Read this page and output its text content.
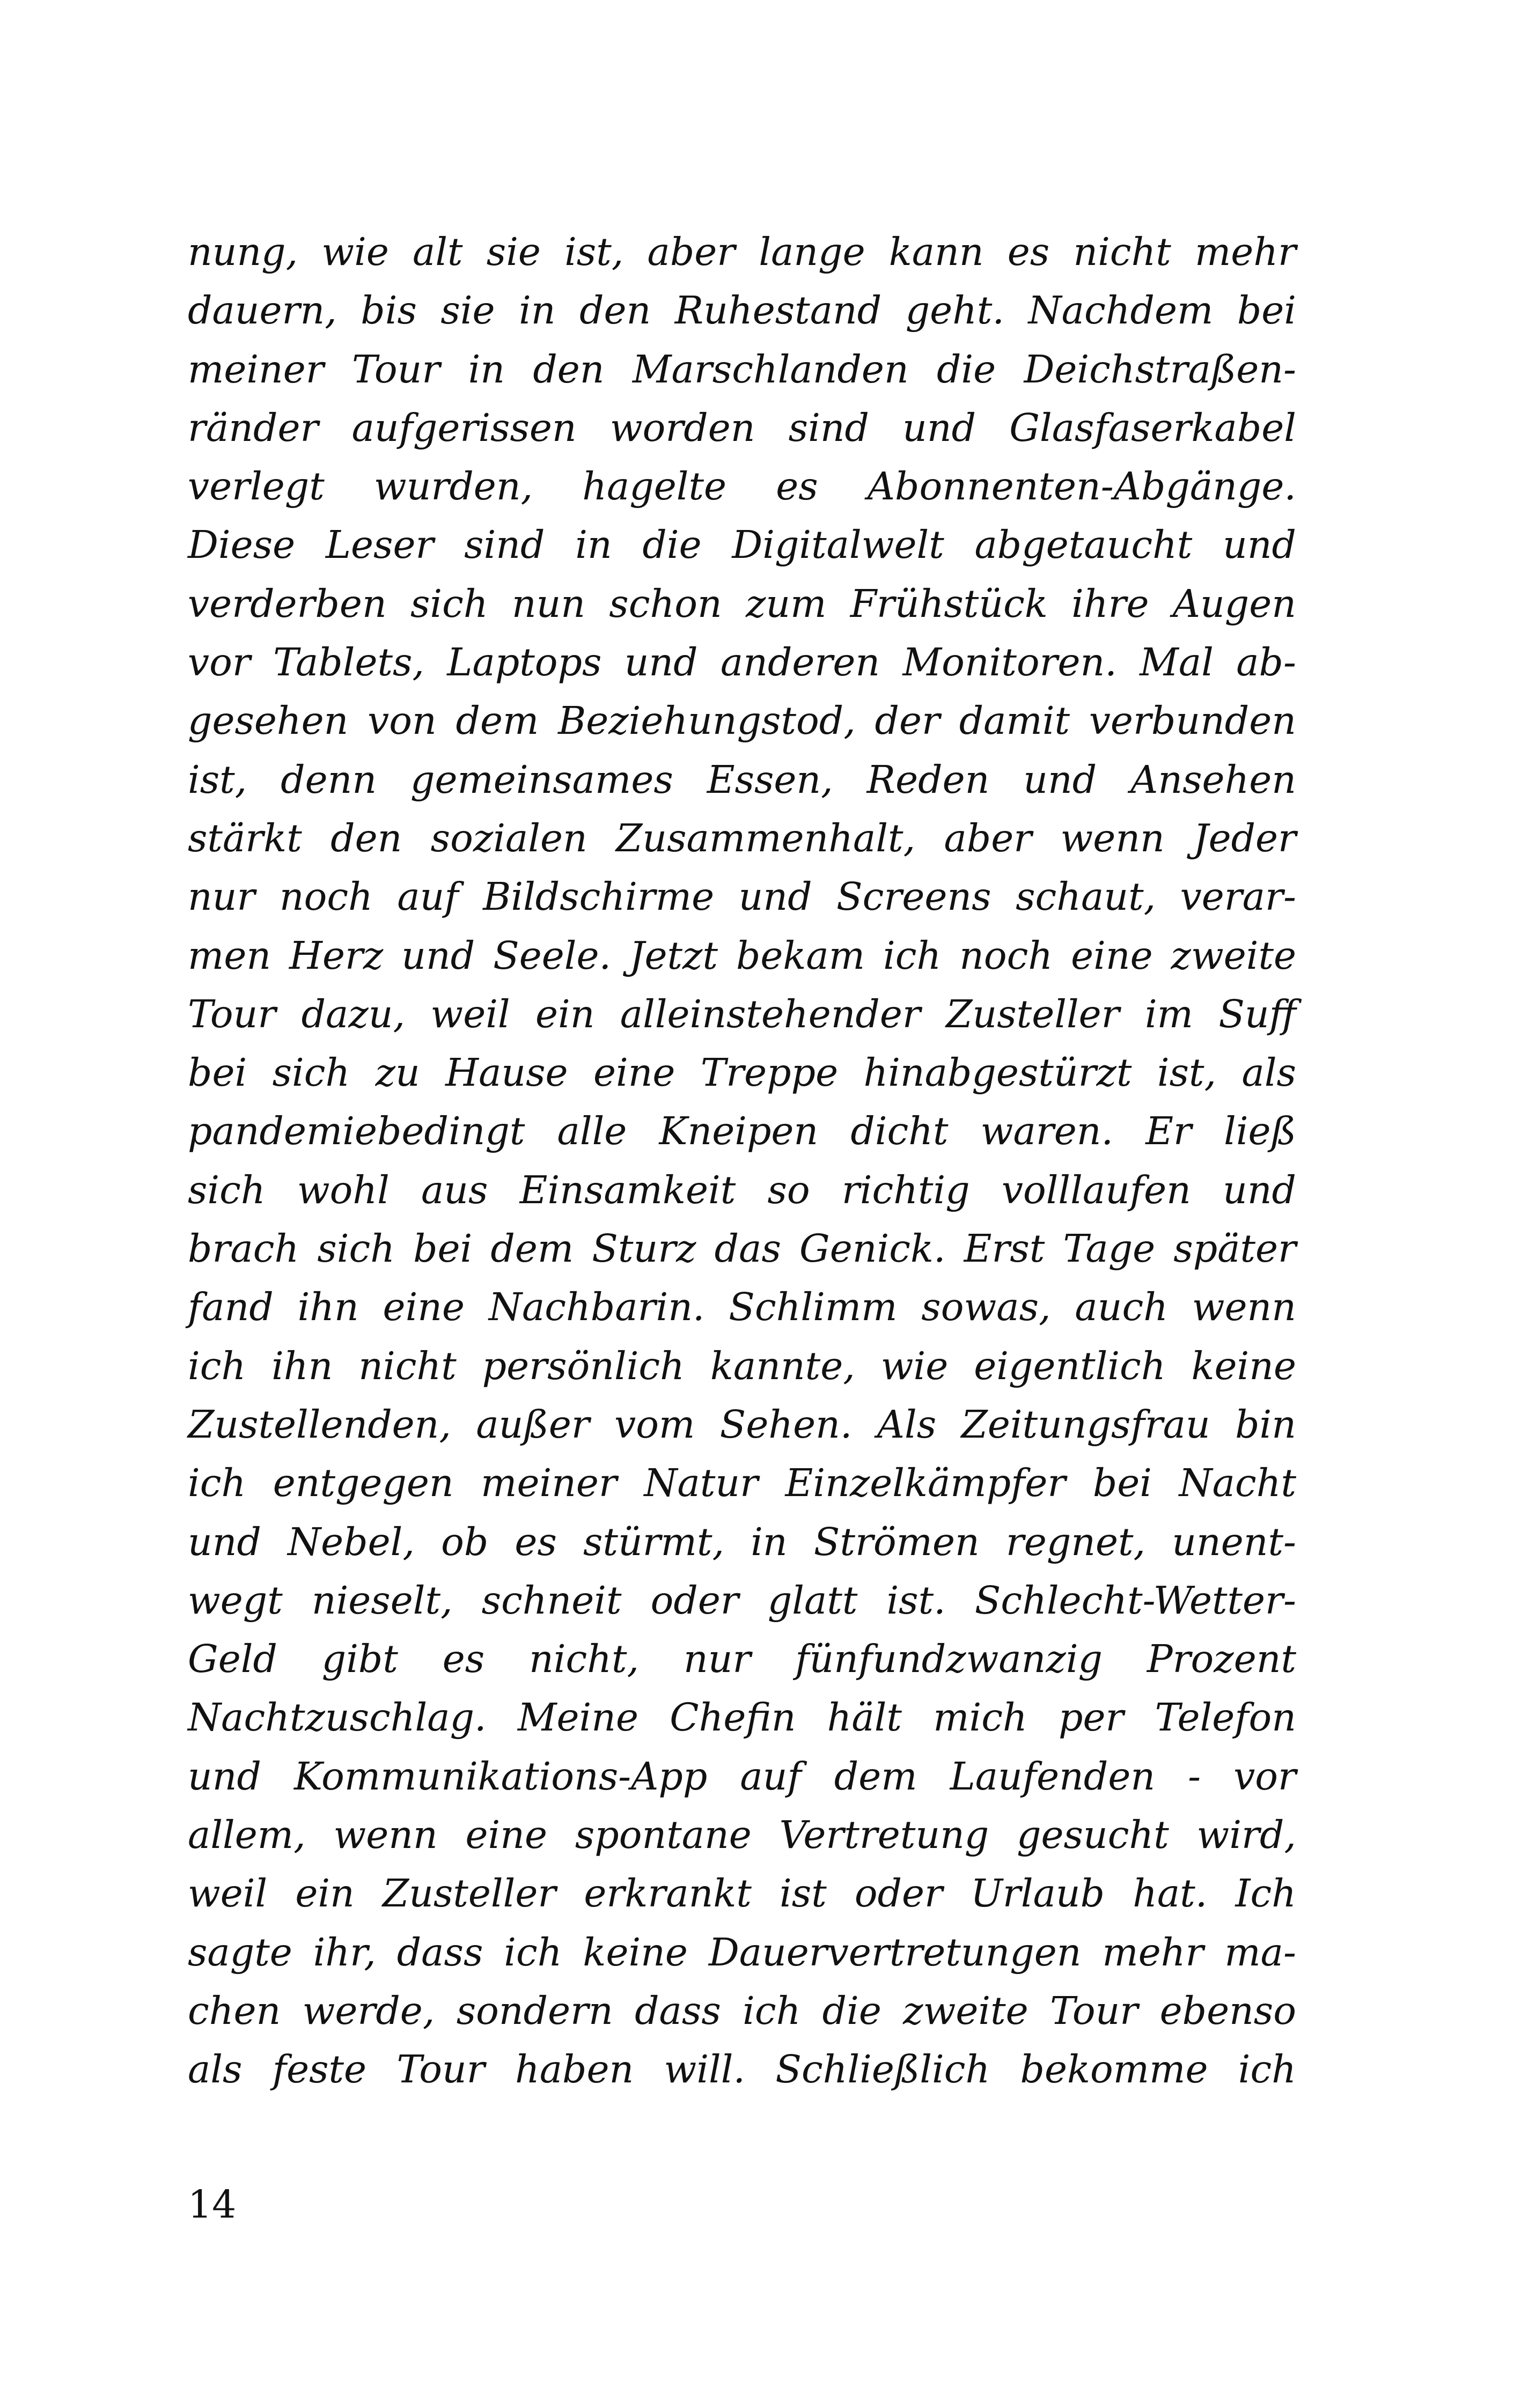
nung, wie alt sie ist, aber lange kann es nicht mehr
dauern, bis sie in den Ruhestand geht. Nachdem bei
meiner Tour in den Marschlanden die Deichstraßen-
ränder aufgerissen worden sind und Glasfaserkabel
verlegt wurden, hagelte es Abonnenten-Abgänge.
Diese Leser sind in die Digitalwelt abgetaucht und
verderben sich nun schon zum Frühstück ihre Augen
vor Tablets, Laptops und anderen Monitoren. Mal ab-
gesehen von dem Beziehungstod, der damit verbunden
ist, denn gemeinsames Essen, Reden und Ansehen
stärkt den sozialen Zusammenhalt, aber wenn Jeder
nur noch auf Bildschirme und Screens schaut, verar-
men Herz und Seele. Jetzt bekam ich noch eine zweite
Tour dazu, weil ein alleinstehender Zusteller im Suff
bei sich zu Hause eine Treppe hinabgestürzt ist, als
pandemiebedingt alle Kneipen dicht waren. Er ließ
sich wohl aus Einsamkeit so richtig volllaufen und
brach sich bei dem Sturz das Genick. Erst Tage später
fand ihn eine Nachbarin. Schlimm sowas, auch wenn
ich ihn nicht persönlich kannte, wie eigentlich keine
Zustellenden, außer vom Sehen. Als Zeitungsfrau bin
ich entgegen meiner Natur Einzelkämpfer bei Nacht
und Nebel, ob es stürmt, in Strömen regnet, unent-
wegt nieselt, schneit oder glatt ist. Schlecht-Wetter-
Geld gibt es nicht, nur fünfundzwanzig Prozent
Nachtzuschlag. Meine Chefin hält mich per Telefon
und Kommunikations-App auf dem Laufenden - vor
allem, wenn eine spontane Vertretung gesucht wird,
weil ein Zusteller erkrankt ist oder Urlaub hat. Ich
sagte ihr, dass ich keine Dauervertretungen mehr ma-
chen werde, sondern dass ich die zweite Tour ebenso
als feste Tour haben will. Schließlich bekomme ich
14
